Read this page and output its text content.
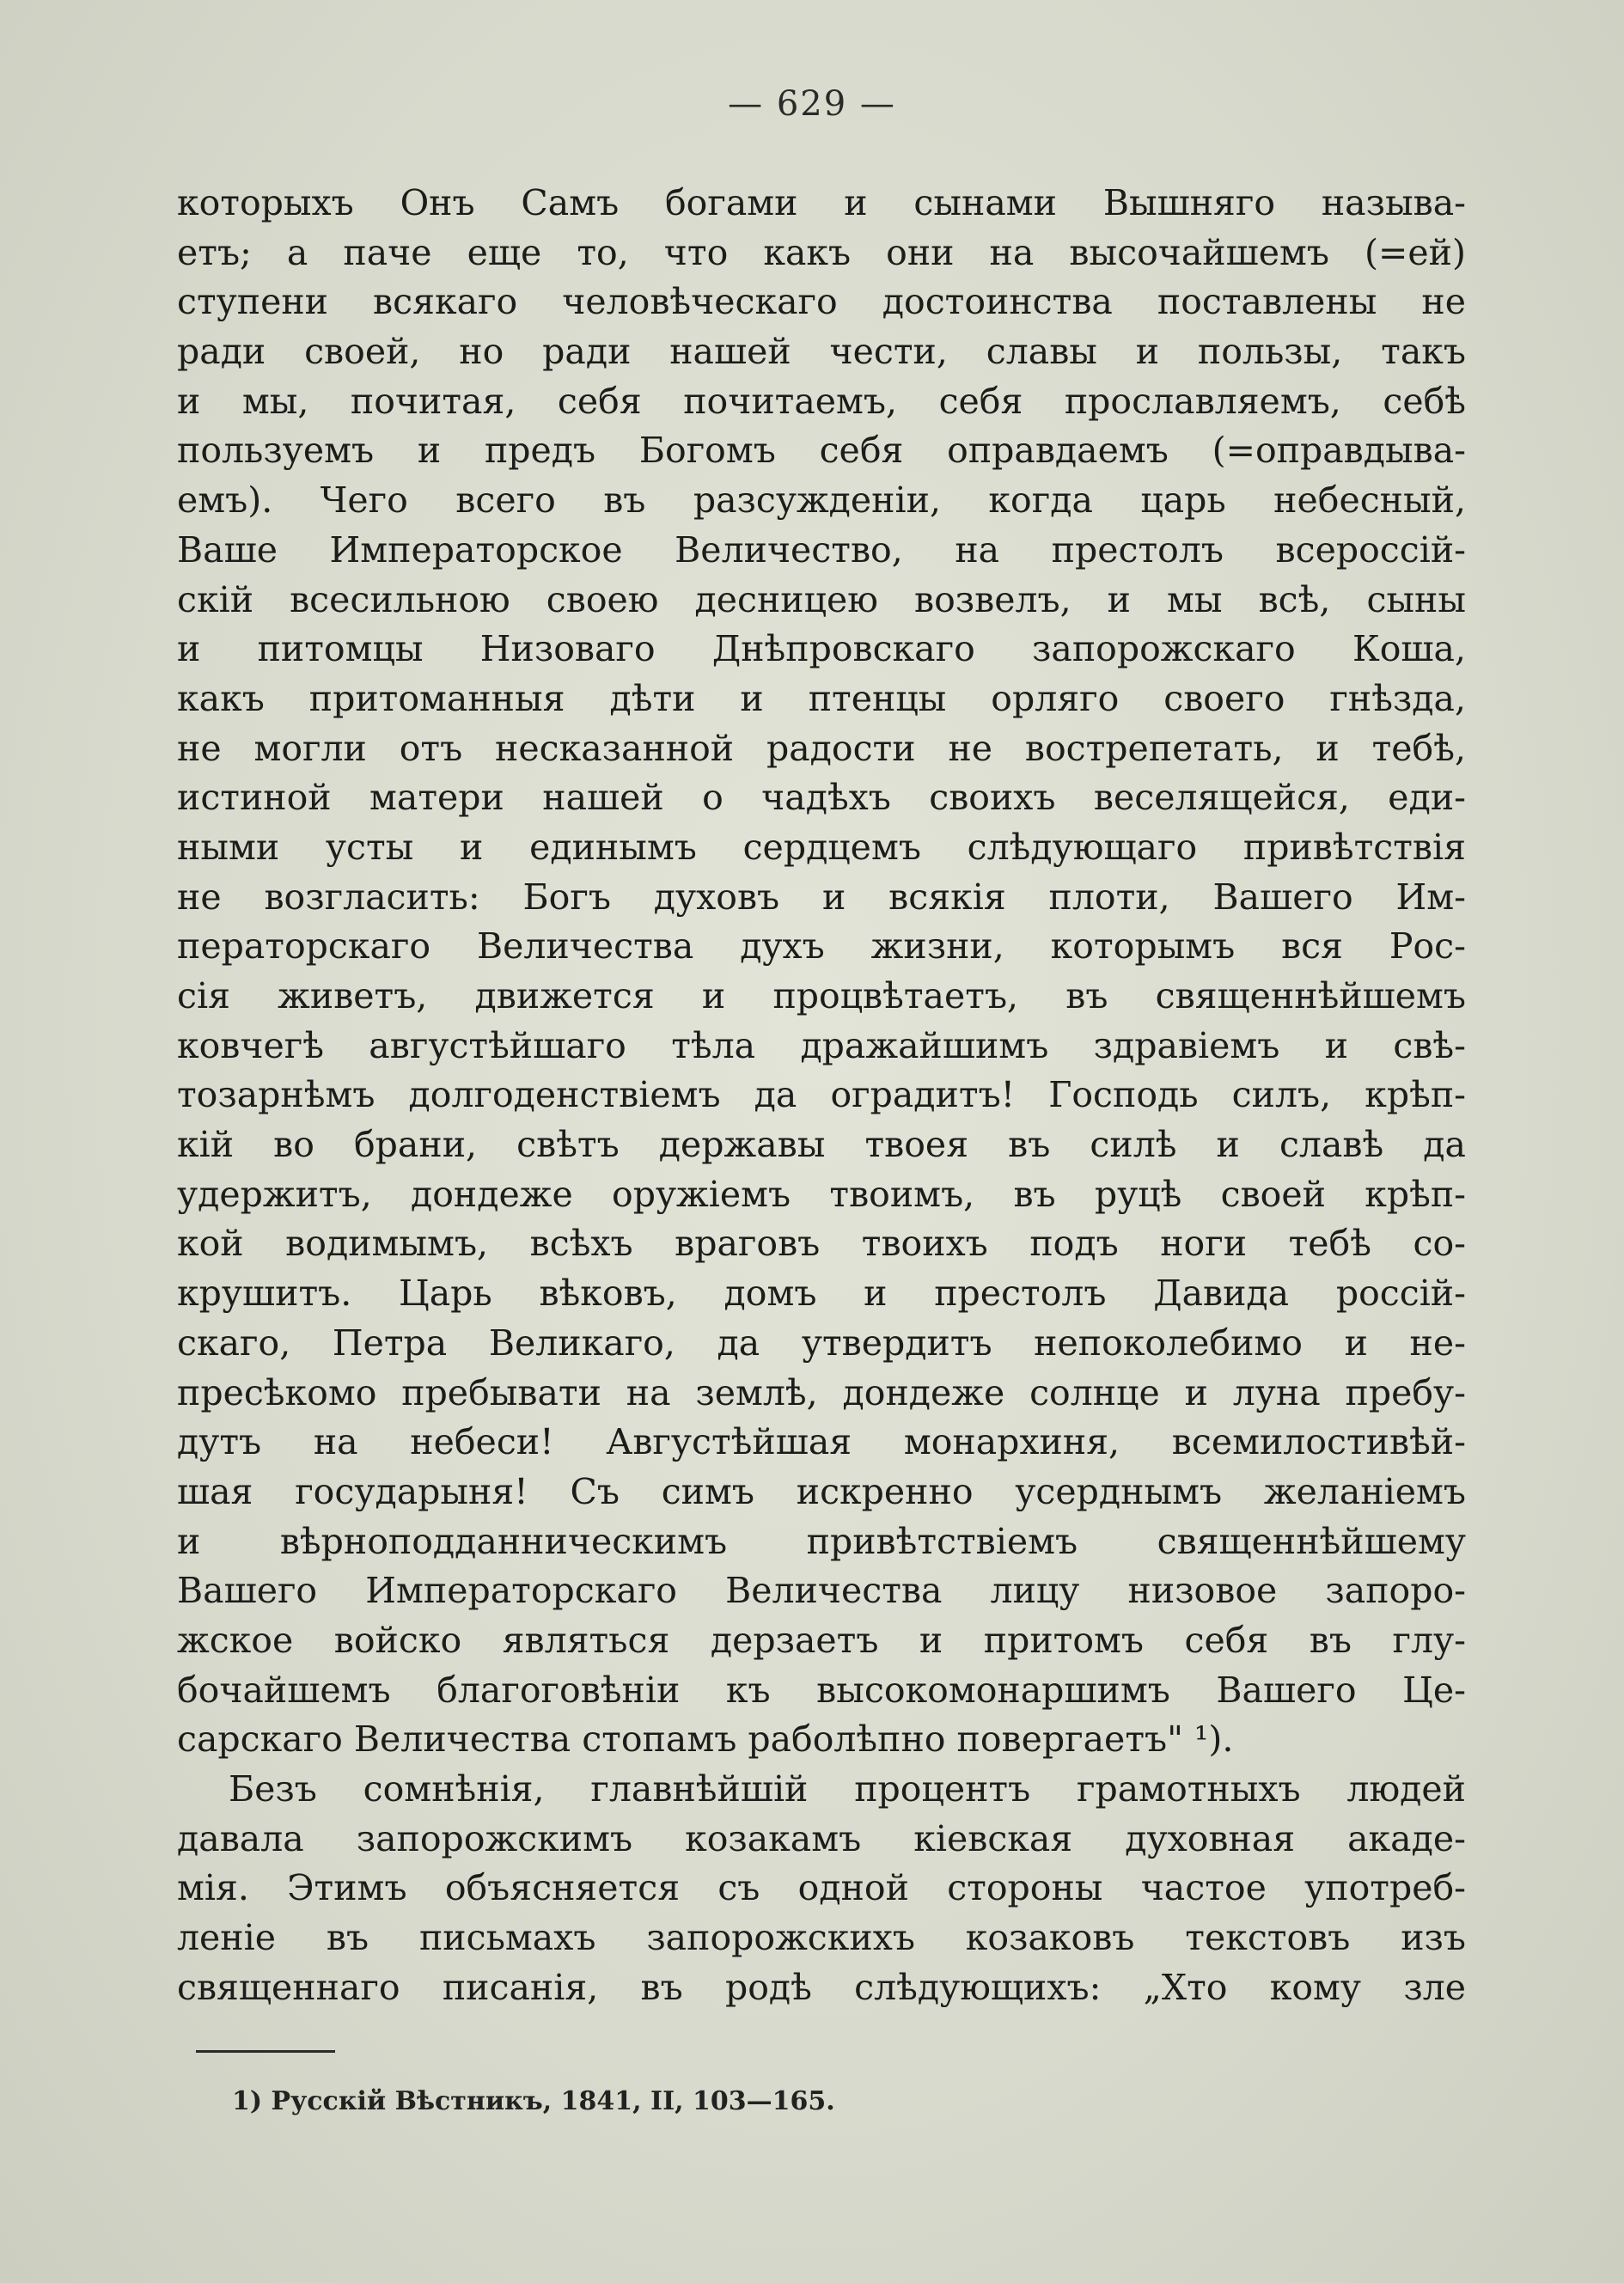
— 629 —
которыхъ Онъ Самъ богами и сынами Вышняго называ-
етъ; а паче еще то, что какъ они на высочайшемъ (=ей)
ступени всякаго человѣческаго достоинства поставлены не
ради своей, но ради нашей чести, славы и пользы, такъ
и мы, почитая, себя почитаемъ, себя прославляемъ, себѣ
пользуемъ и предъ Богомъ себя оправдаемъ (=оправдыва-
емъ). Чего всего въ разсужденіи, когда царь небесный,
Ваше Императорское Величество, на престолъ всероссій-
скій всесильною своею десницею возвелъ, и мы всѣ, сыны
и питомцы Низоваго Днѣпровскаго запорожскаго Коша,
какъ притоманныя дѣти и птенцы орляго своего гнѣзда,
не могли отъ несказанной радости не вострепетать, и тебѣ,
истиной матери нашей о чадѣхъ своихъ веселящейся, еди-
ными усты и единымъ сердцемъ слѣдующаго привѣтствія
не возгласить: Богъ духовъ и всякія плоти, Вашего Им-
ператорскаго Величества духъ жизни, которымъ вся Рос-
сія живетъ, движется и процвѣтаетъ, въ священнѣйшемъ
ковчегѣ августѣйшаго тѣла дражайшимъ здравіемъ и свѣ-
тозарнѣмъ долгоденствіемъ да оградитъ! Господь силъ, крѣп-
кій во брани, свѣтъ державы твоея въ силѣ и славѣ да
удержитъ, дондеже оружіемъ твоимъ, въ руцѣ своей крѣп-
кой водимымъ, всѣхъ враговъ твоихъ подъ ноги тебѣ со-
крушитъ. Царь вѣковъ, домъ и престолъ Давида россій-
скаго, Петра Великаго, да утвердитъ непоколебимо и не-
пресѣкомо пребывати на землѣ, дондеже солнце и луна пребу-
дутъ на небеси! Августѣйшая монархиня, всемилостивѣй-
шая государыня! Съ симъ искренно усерднымъ желаніемъ
и вѣрноподданническимъ привѣтствіемъ священнѣйшему
Вашего Императорскаго Величества лицу низовое запоро-
жское войско являться дерзаетъ и притомъ себя въ глу-
бочайшемъ благоговѣніи къ высокомонаршимъ Вашего Це-
сарскаго Величества стопамъ раболѣпно повергаетъ" ¹).
Безъ сомнѣнія, главнѣйшій процентъ грамотныхъ людей
давала запорожскимъ козакамъ кіевская духовная акаде-
мія. Этимъ объясняется съ одной стороны частое употреб-
леніе въ письмахъ запорожскихъ козаковъ текстовъ изъ
священнаго писанія, въ родѣ слѣдующихъ: „Хто кому зле
1) Русскій Вѣстникъ, 1841, II, 103—165.
